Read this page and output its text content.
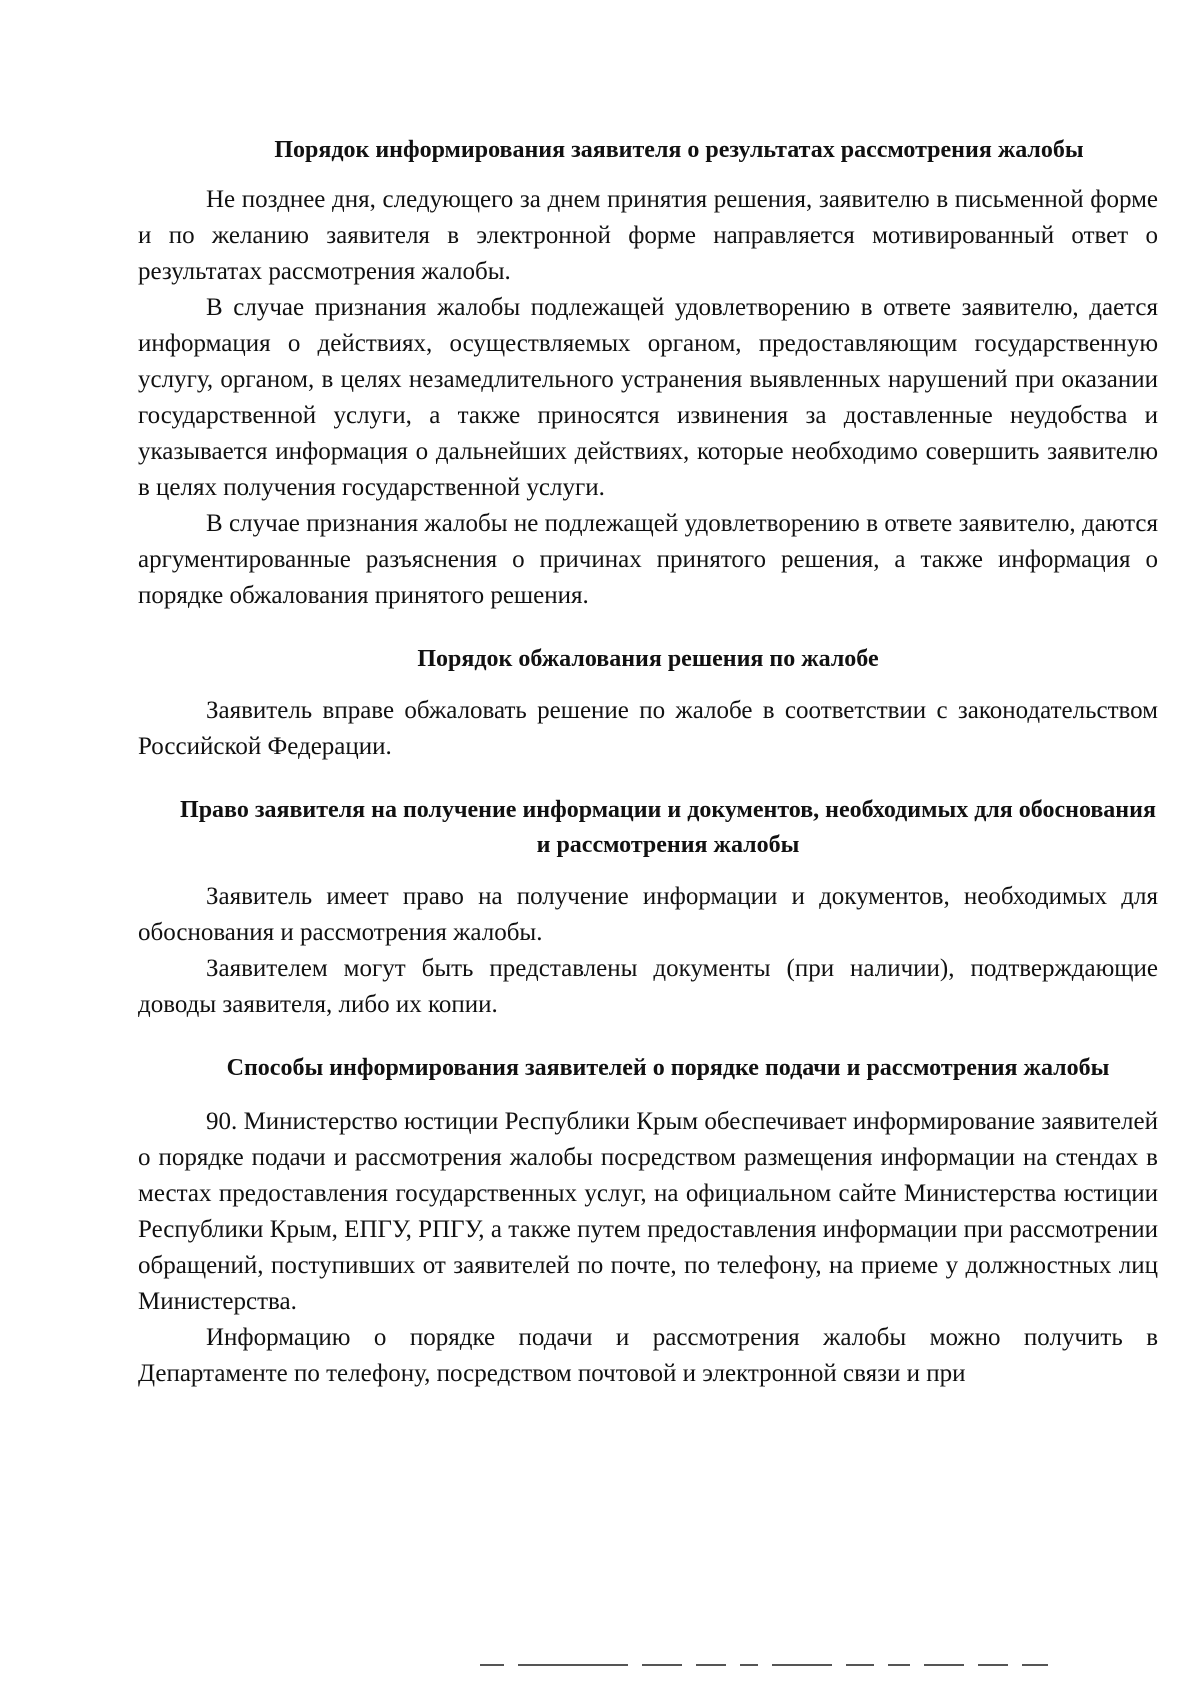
Порядок информирования заявителя о результатах рассмотрения жалобы

Не позднее дня, следующего за днем принятия решения, заявителю в письменной форме и по желанию заявителя в электронной форме направляется мотивированный ответ о результатах рассмотрения жалобы.

В случае признания жалобы подлежащей удовлетворению в ответе заявителю, дается информация о действиях, осуществляемых органом, предоставляющим государственную услугу, органом, в целях незамедлительного устранения выявленных нарушений при оказании государственной услуги, а также приносятся извинения за доставленные неудобства и указывается информация о дальнейших действиях, которые необходимо совершить заявителю в целях получения государственной услуги.

В случае признания жалобы не подлежащей удовлетворению в ответе заявителю, даются аргументированные разъяснения о причинах принятого решения, а также информация о порядке обжалования принятого решения.

Порядок обжалования решения по жалобе

Заявитель вправе обжаловать решение по жалобе в соответствии с законодательством Российской Федерации.

Право заявителя на получение информации и документов, необходимых для обоснования и рассмотрения жалобы

Заявитель имеет право на получение информации и документов, необходимых для обоснования и рассмотрения жалобы.

Заявителем могут быть представлены документы (при наличии), подтверждающие доводы заявителя, либо их копии.

Способы информирования заявителей о порядке подачи и рассмотрения жалобы

90. Министерство юстиции Республики Крым обеспечивает информирование заявителей о порядке подачи и рассмотрения жалобы посредством размещения информации на стендах в местах предоставления государственных услуг, на официальном сайте Министерства юстиции Республики Крым, ЕПГУ, РПГУ, а также путем предоставления информации при рассмотрении обращений, поступивших от заявителей по почте, по телефону, на приеме у должностных лиц Министерства.

Информацию о порядке подачи и рассмотрения жалобы можно получить в Департаменте по телефону, посредством почтовой и электронной связи и при
